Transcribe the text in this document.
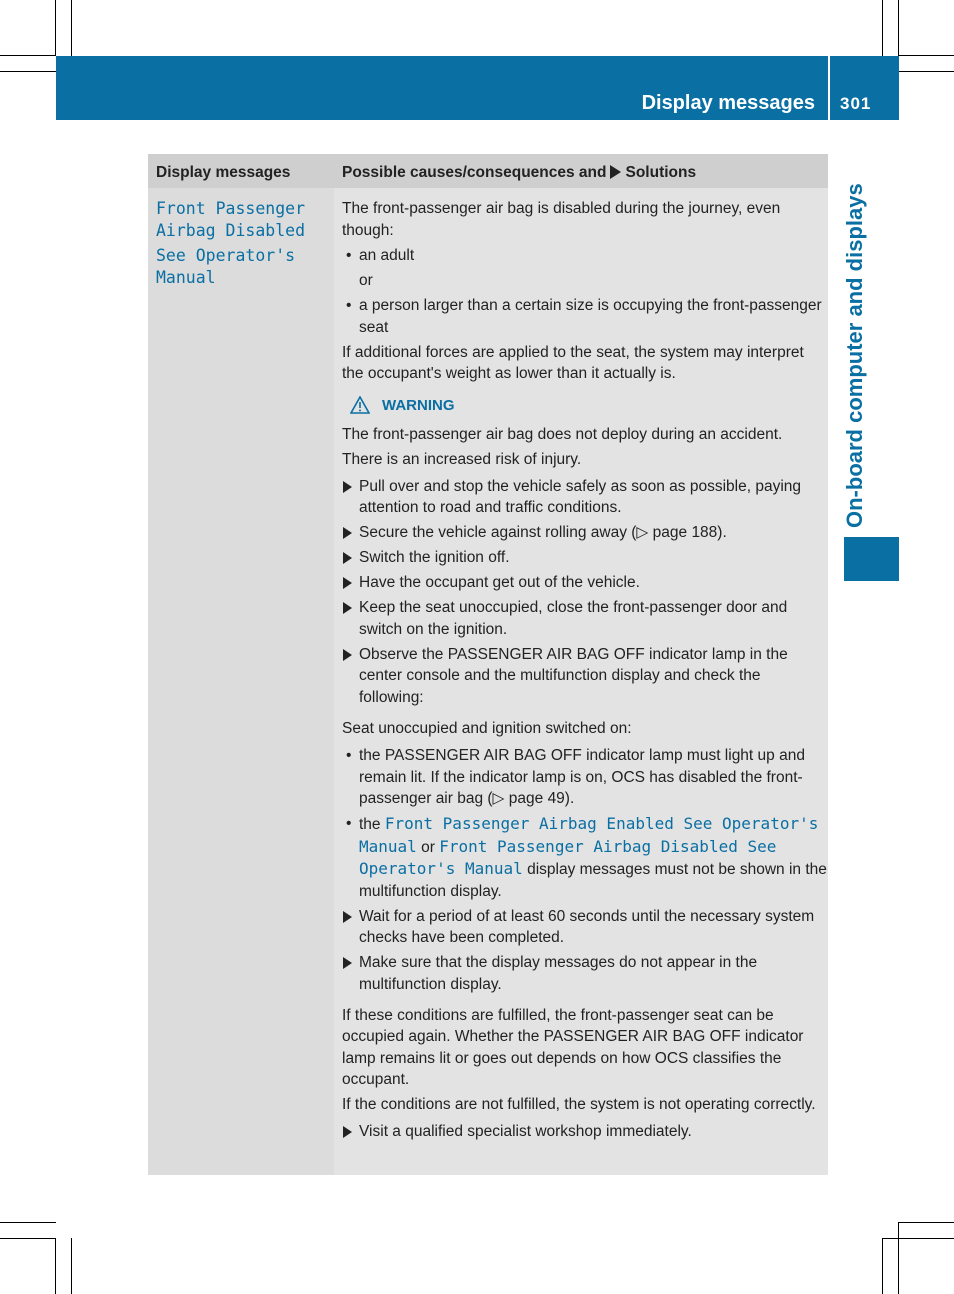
Display messages 301
On-board computer and displays
Display messages	Possible causes/consequences and Solutions
Front Passenger

Airbag Disabled
See Operator's
Manual

The front-passenger air bag is disabled during the journey, even though:

• an adult
or
• a person larger than a certain size is occupying the front-passenger seat

If additional forces are applied to the seat, the system may interpret the occupant's weight as lower than it actually is.

WARNING

The front-passenger air bag does not deploy during an accident.

There is an increased risk of injury.

Pull over and stop the vehicle safely as soon as possible, paying attention to road and traffic conditions.
Secure the vehicle against rolling away (▷ page 188).
Switch the ignition off.
Have the occupant get out of the vehicle.
Keep the seat unoccupied, close the front-passenger door and switch on the ignition.
Observe the PASSENGER AIR BAG OFF indicator lamp in the center console and the multifunction display and check the following:

Seat unoccupied and ignition switched on:

• the PASSENGER AIR BAG OFF indicator lamp must light up and remain lit. If the indicator lamp is on, OCS has disabled the front-passenger air bag (▷ page 49).
• the Front Passenger Airbag Enabled See Operator's Manual or Front Passenger Airbag Disabled See Operator's Manual display messages must not be shown in the multifunction display.
Wait for a period of at least 60 seconds until the necessary system checks have been completed.
Make sure that the display messages do not appear in the multifunction display.

If these conditions are fulfilled, the front-passenger seat can be occupied again. Whether the PASSENGER AIR BAG OFF indicator lamp remains lit or goes out depends on how OCS classifies the occupant.

If the conditions are not fulfilled, the system is not operating correctly.

Visit a qualified specialist workshop immediately.
